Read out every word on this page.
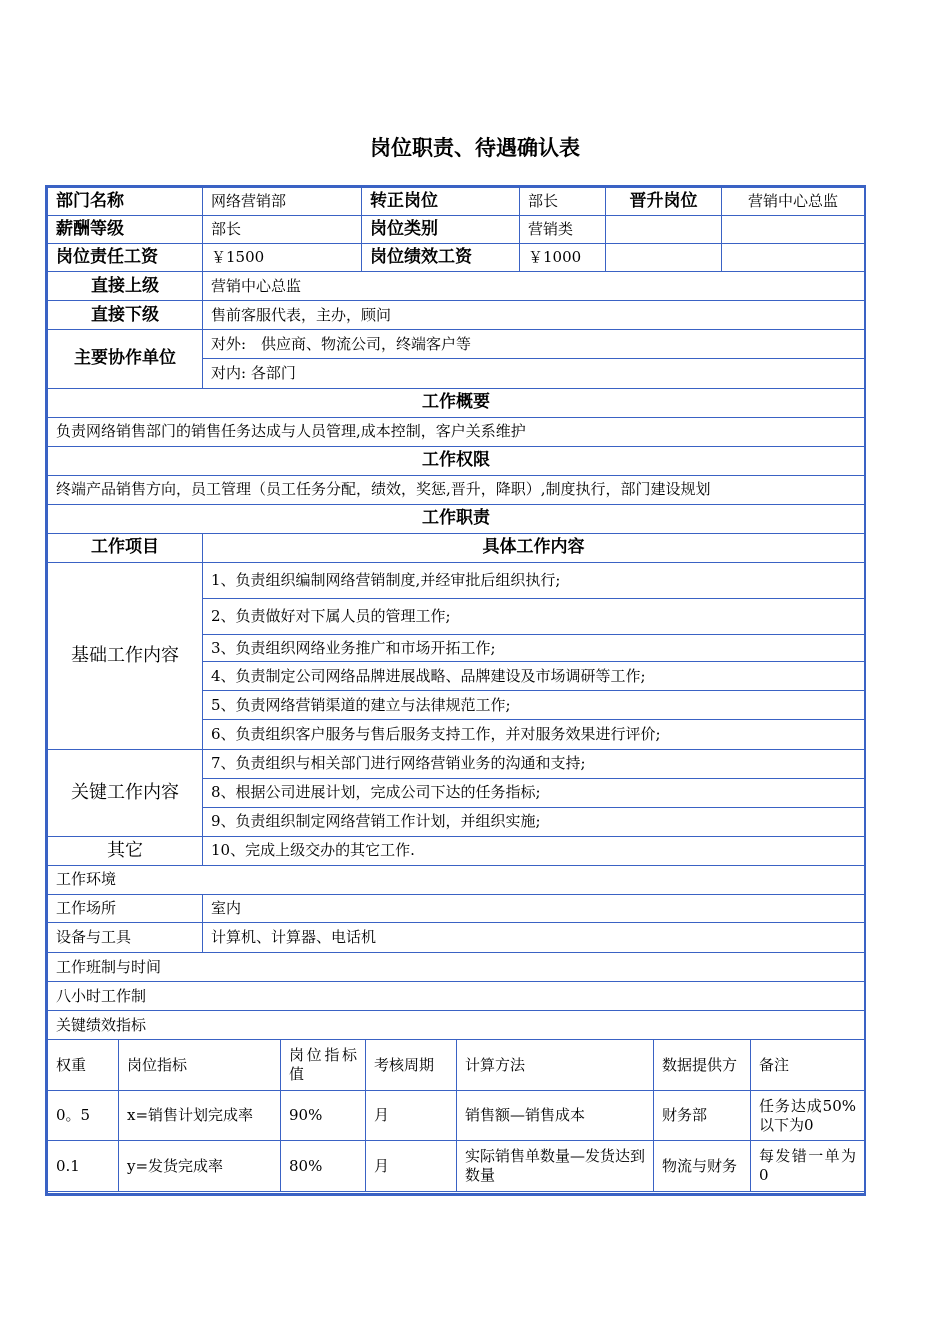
岗位职责、待遇确认表
部门名称	网络营销部	转正岗位	部长	晋升岗位	营销中心总监
薪酬等级	部长	岗位类别	营销类		
岗位责任工资	￥1500	岗位绩效工资	￥1000		
直接上级	营销中心总监
直接下级	售前客服代表，主办，顾问
主要协作单位	对外:　供应商、物流公司，终端客户等
对内: 各部门
工作概要
负责网络销售部门的销售任务达成与人员管理,成本控制，客户关系维护
工作权限
终端产品销售方向，员工管理（员工任务分配，绩效，奖惩,晋升，降职）,制度执行，部门建设规划
工作职责
工作项目	具体工作内容
基础工作内容	1、负责组织编制网络营销制度,并经审批后组织执行;
2、负责做好对下属人员的管理工作;
3、负责组织网络业务推广和市场开拓工作;
4、负责制定公司网络品牌进展战略、品牌建设及市场调研等工作;
5、负责网络营销渠道的建立与法律规范工作;
6、负责组织客户服务与售后服务支持工作，并对服务效果进行评价;
关键工作内容	7、负责组织与相关部门进行网络营销业务的沟通和支持;
8、根据公司进展计划，完成公司下达的任务指标;
9、负责组织制定网络营销工作计划，并组织实施;
其它	10、完成上级交办的其它工作.
工作环境
工作场所	室内
设备与工具	计算机、计算器、电话机
工作班制与时间
八小时工作制
关键绩效指标

权重	岗位指标	岗位指标值	考核周期	计算方法	数据提供方	备注
0。5	x=销售计划完成率	90%	月	销售额—销售成本	财务部	任务达成50%以下为0
0.1	y=发货完成率	80%	月	实际销售单数量—发货达到数量	物流与财务	每发错一单为0
